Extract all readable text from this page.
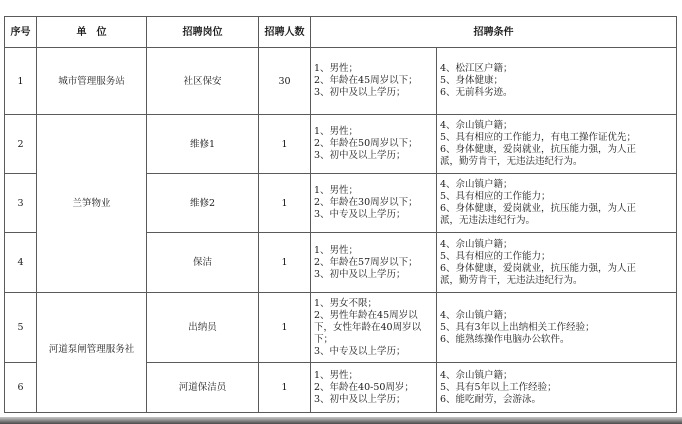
序号	单　位	招聘岗位	招聘人数	招聘条件	
1	城市管理服务站	社区保安	30	1、男性；
2、年龄在45周岁以下；
3、初中及以上学历；	4、松江区户籍；
5、身体健康；
6、无前科劣迹。

2	兰笋物业	维修1	1	1、男性；
2、年龄在50周岁以下；
3、初中及以上学历；	4、佘山镇户籍；
5、具有相应的工作能力，有电工操作证优先；
6、身体健康，爱岗就业，抗压能力强，为人正
派，勤劳肯干，无违法违纪行为。

3		维修2	1	1、男性；
2、年龄在30周岁以下；
3、中专及以上学历；	4、佘山镇户籍；
5、具有相应的工作能力；
6、身体健康，爱岗就业，抗压能力强，为人正
派，无违法违纪行为。

4		保洁	1	1、男性；
2、年龄在57周岁以下；
3、初中及以上学历；	4、佘山镇户籍；
5、具有相应的工作能力；
6、身体健康，爱岗就业，抗压能力强，为人正
派，勤劳肯干，无违法违纪行为。

5	河道泵闸管理服务社	出纳员	1	1、男女不限；
2、男性年龄在45周岁以
下，女性年龄在40周岁以
下；
3、中专及以上学历；	4、佘山镇户籍；
5、具有3年以上出纳相关工作经验；
6、能熟练操作电脑办公软件。

6		河道保洁员	1	1、男性；
2、年龄在40-50周岁；
3、初中及以上学历；	4、佘山镇户籍；
5、具有5年以上工作经验；
6、能吃耐劳，会游泳。
